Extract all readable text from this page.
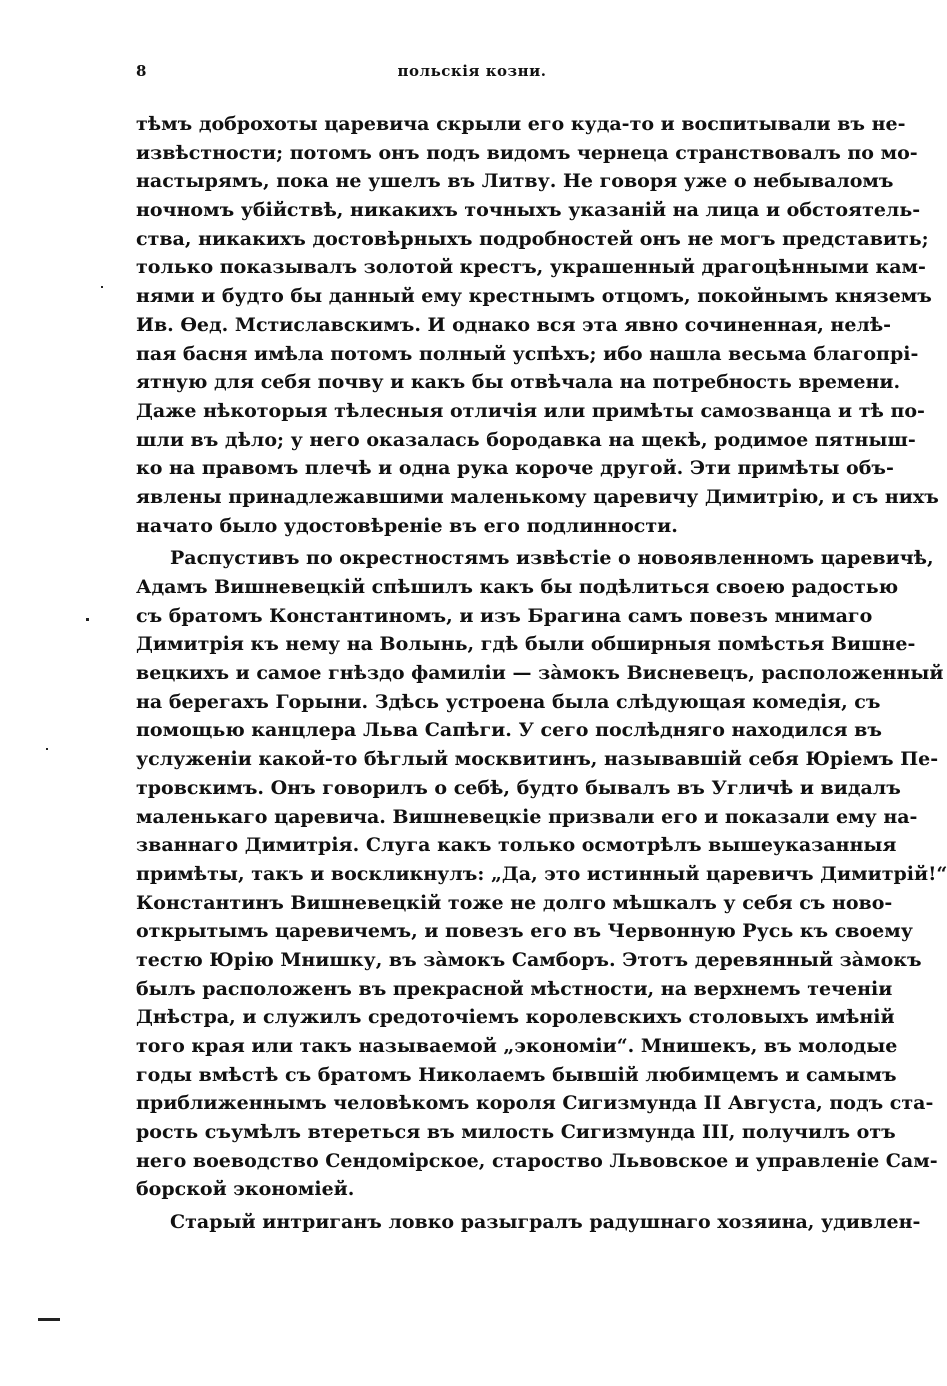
8	польскія козни.
тѣмъ доброхоты царевича скрыли его куда-то и воспитывали въ не-
извѣстности; потомъ онъ подъ видомъ чернеца странствовалъ по мо-
настырямъ, пока не ушелъ въ Литву. Не говоря уже о небываломъ
ночномъ убійствѣ, никакихъ точныхъ указаній на лица и обстоятель-
ства, никакихъ достовѣрныхъ подробностей онъ не могъ представить;
только показывалъ золотой крестъ, украшенный драгоцѣнными кам-
нями и будто бы данный ему крестнымъ отцомъ, покойнымъ княземъ
Ив. Ѳед. Мстиславскимъ. И однако вся эта явно сочиненная, нелѣ-
пая басня имѣла потомъ полный успѣхъ; ибо нашла весьма благопрі-
ятную для себя почву и какъ бы отвѣчала на потребность времени.
Даже нѣкоторыя тѣлесныя отличія или примѣты самозванца и тѣ по-
шли въ дѣло; у него оказалась бородавка на щекѣ, родимое пятныш-
ко на правомъ плечѣ и одна рука короче другой. Эти примѣты объ-
явлены принадлежавшими маленькому царевичу Димитрію, и съ нихъ
начато было удостовѣреніе въ его подлинности.
Распустивъ по окрестностямъ извѣстіе о новоявленномъ царевичѣ,
Адамъ Вишневецкій спѣшилъ какъ бы подѣлиться своею радостью
съ братомъ Константиномъ, и изъ Брагина самъ повезъ мнимаго
Димитрія къ нему на Волынь, гдѣ были обширныя помѣстья Вишне-
вецкихъ и самое гнѣздо фамиліи — зàмокъ Висневецъ, расположенный
на берегахъ Горыни. Здѣсь устроена была слѣдующая комедія, съ
помощью канцлера Льва Сапѣги. У сего послѣдняго находился въ
услуженіи какой-то бѣглый москвитинъ, называвшій себя Юріемъ Пе-
тровскимъ. Онъ говорилъ о себѣ, будто бывалъ въ Угличѣ и видалъ
маленькаго царевича. Вишневецкіе призвали его и показали ему на-
званнаго Димитрія. Слуга какъ только осмотрѣлъ вышеуказанныя
примѣты, такъ и воскликнулъ: „Да, это истинный царевичъ Димитрій!“
Константинъ Вишневецкій тоже не долго мѣшкалъ у себя съ ново-
открытымъ царевичемъ, и повезъ его въ Червонную Русь къ своему
тестю Юрію Мнишку, въ зàмокъ Самборъ. Этотъ деревянный зàмокъ
былъ расположенъ въ прекрасной мѣстности, на верхнемъ теченіи
Днѣстра, и служилъ средоточіемъ королевскихъ столовыхъ имѣній
того края или такъ называемой „экономіи“. Мнишекъ, въ молодые
годы вмѣстѣ съ братомъ Николаемъ бывшій любимцемъ и самымъ
приближеннымъ человѣкомъ короля Сигизмунда II Августа, подъ ста-
рость съумѣлъ втереться въ милость Сигизмунда III, получилъ отъ
него воеводство Сендомірское, староство Львовское и управленіе Сам-
борской экономіей.
Старый интриганъ ловко разыгралъ радушнаго хозяина, удивлен-
